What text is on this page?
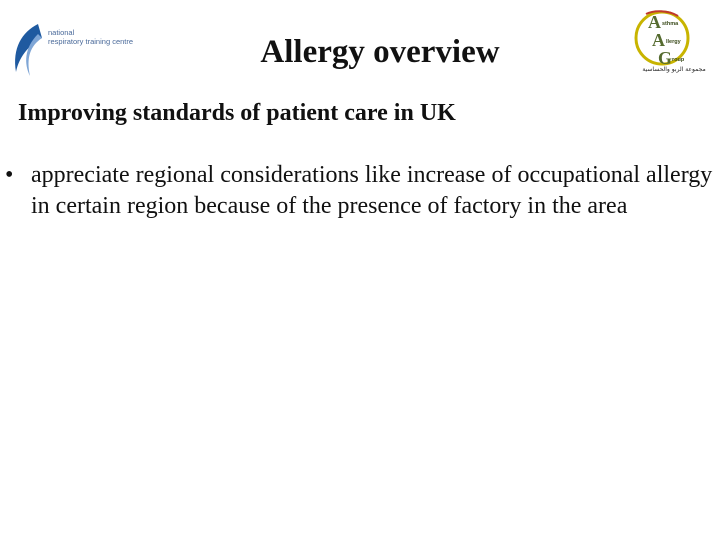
national
respiratory training centre
A
A
G
sthma
llergy
roup
مجموعة الربو والحساسية
Allergy overview
Improving standards of patient care in UK
• appreciate regional considerations like increase of occupational allergy in certain region because of the presence of factory in the area
